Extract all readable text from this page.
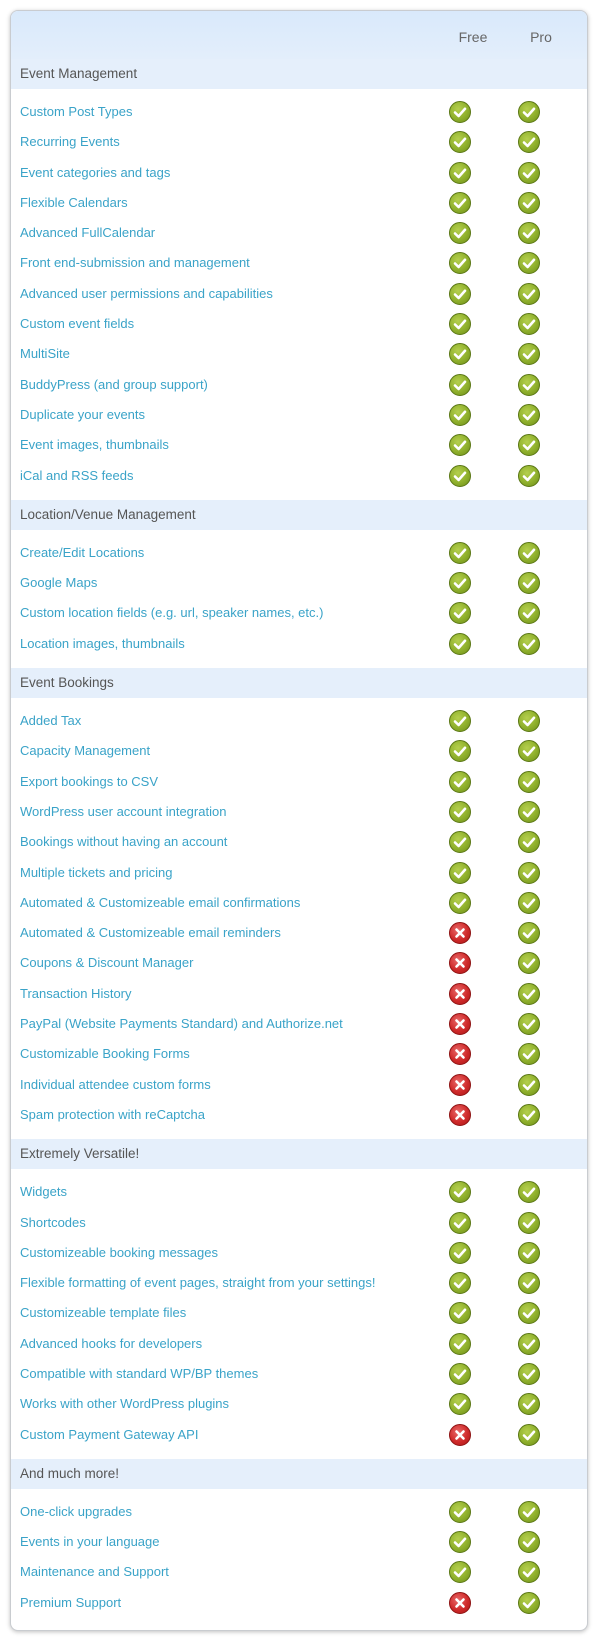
Free	Pro
Event Management
Custom Post Types
Recurring Events
Event categories and tags
Flexible Calendars
Advanced FullCalendar
Front end-submission and management
Advanced user permissions and capabilities
Custom event fields
MultiSite
BuddyPress (and group support)
Duplicate your events
Event images, thumbnails
iCal and RSS feeds
Location/Venue Management
Create/Edit Locations
Google Maps
Custom location fields (e.g. url, speaker names, etc.)
Location images, thumbnails
Event Bookings
Added Tax
Capacity Management
Export bookings to CSV
WordPress user account integration
Bookings without having an account
Multiple tickets and pricing
Automated & Customizeable email confirmations
Automated & Customizeable email reminders
Coupons & Discount Manager
Transaction History
PayPal (Website Payments Standard) and Authorize.net
Customizable Booking Forms
Individual attendee custom forms
Spam protection with reCaptcha
Extremely Versatile!
Widgets
Shortcodes
Customizeable booking messages
Flexible formatting of event pages, straight from your settings!
Customizeable template files
Advanced hooks for developers
Compatible with standard WP/BP themes
Works with other WordPress plugins
Custom Payment Gateway API
And much more!
One-click upgrades
Events in your language
Maintenance and Support
Premium Support
